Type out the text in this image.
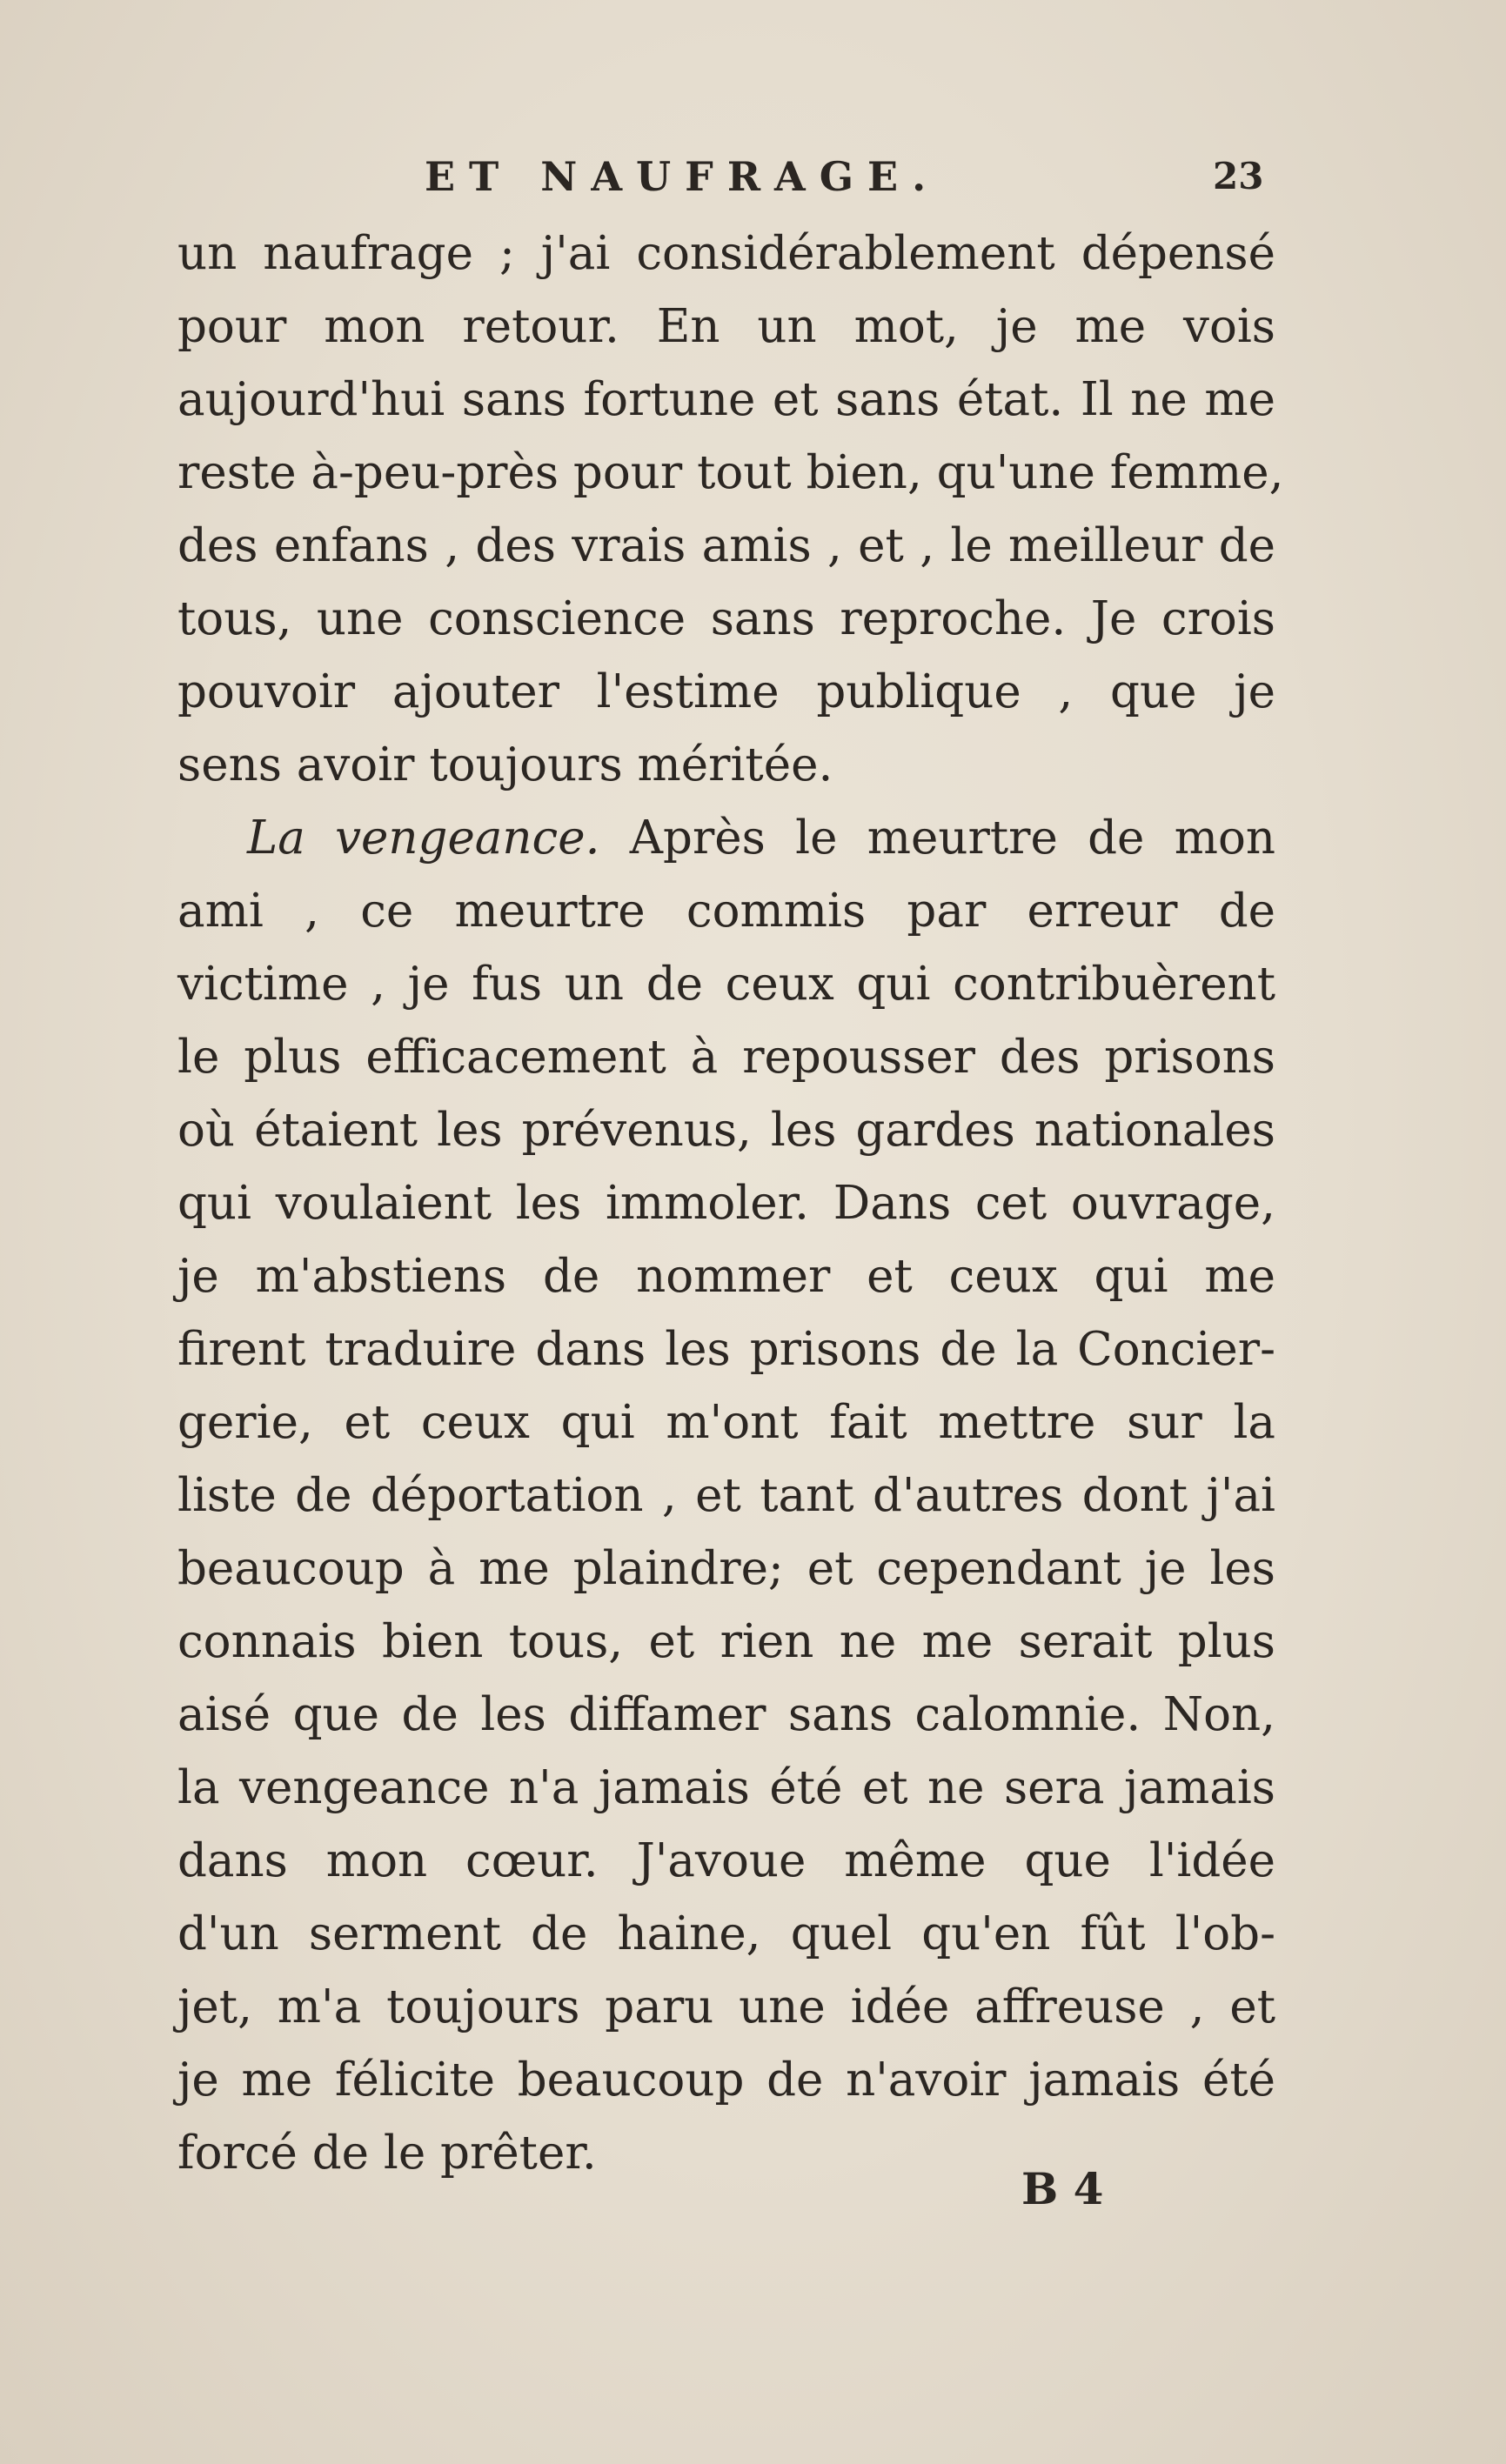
ET NAUFRAGE.	23
un naufrage ; j'ai considérablement dépensé
pour mon retour. En un mot, je me vois
aujourd'hui sans fortune et sans état. Il ne me
reste à-peu-près pour tout bien, qu'une femme,
des enfans , des vrais amis , et , le meilleur de
tous, une conscience sans reproche. Je crois
pouvoir ajouter l'estime publique , que je
sens avoir toujours méritée.
La vengeance. Après le meurtre de mon
ami , ce meurtre commis par erreur de
victime , je fus un de ceux qui contribuèrent
le plus efficacement à repousser des prisons
où étaient les prévenus, les gardes nationales
qui voulaient les immoler. Dans cet ouvrage,
je m'abstiens de nommer et ceux qui me
firent traduire dans les prisons de la Concier-
gerie, et ceux qui m'ont fait mettre sur la
liste de déportation , et tant d'autres dont j'ai
beaucoup à me plaindre; et cependant je les
connais bien tous, et rien ne me serait plus
aisé que de les diffamer sans calomnie. Non,
la vengeance n'a jamais été et ne sera jamais
dans mon cœur. J'avoue même que l'idée
d'un serment de haine, quel qu'en fût l'ob-
jet, m'a toujours paru une idée affreuse , et
je me félicite beaucoup de n'avoir jamais été
forcé de le prêter.
B 4
